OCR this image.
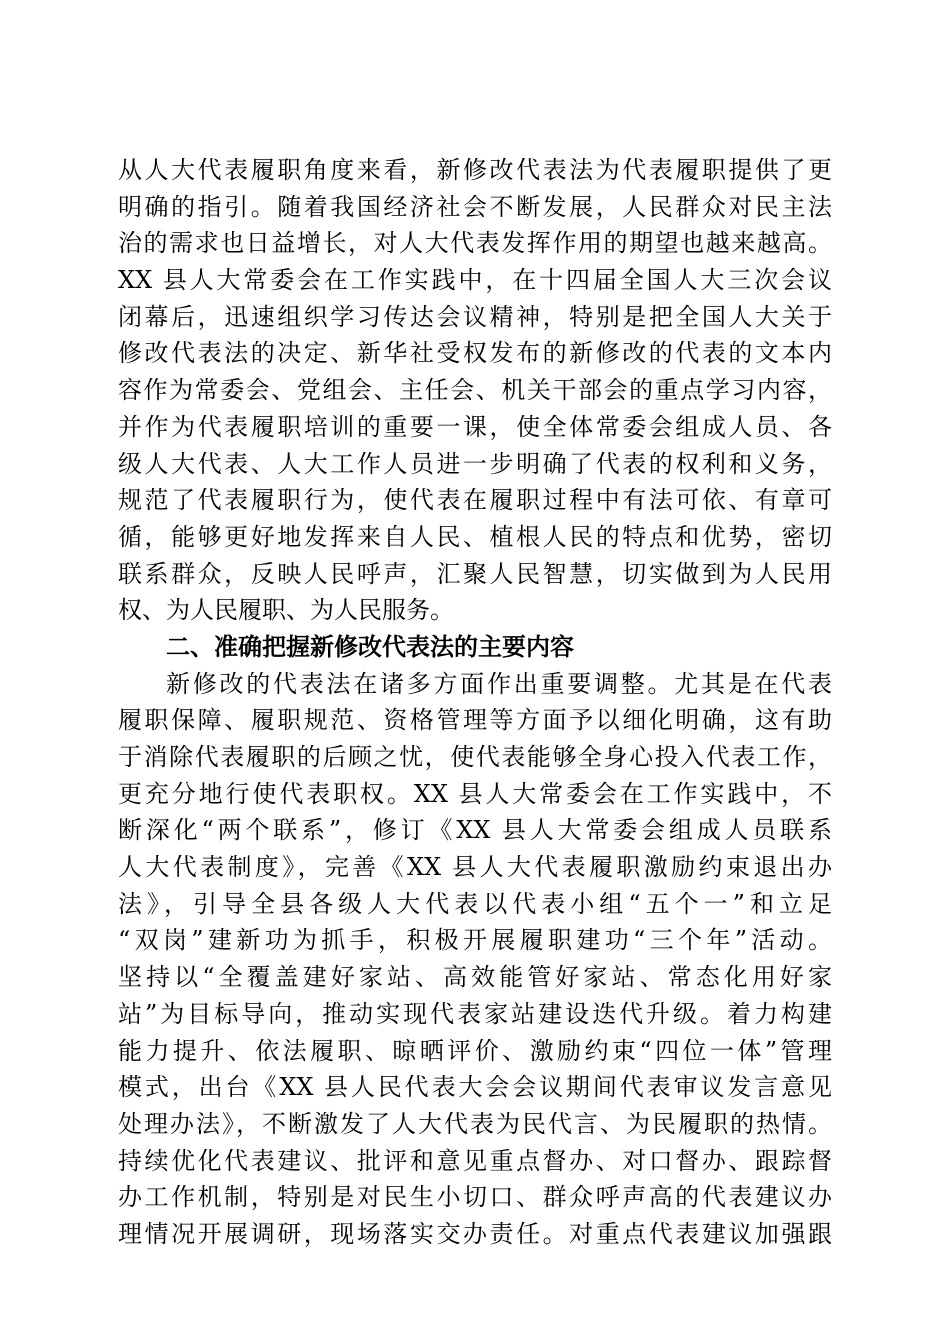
从人大代表履职角度来看，新修改代表法为代表履职提供了更
明确的指引。随着我国经济社会不断发展，人民群众对民主法
治的需求也日益增长，对人大代表发挥作用的期望也越来越高。
XX 县人大常委会在工作实践中，在十四届全国人大三次会议
闭幕后，迅速组织学习传达会议精神，特别是把全国人大关于
修改代表法的决定、新华社受权发布的新修改的代表的文本内
容作为常委会、党组会、主任会、机关干部会的重点学习内容，
并作为代表履职培训的重要一课，使全体常委会组成人员、各
级人大代表、人大工作人员进一步明确了代表的权利和义务，
规范了代表履职行为，使代表在履职过程中有法可依、有章可
循，能够更好地发挥来自人民、植根人民的特点和优势，密切
联系群众，反映人民呼声，汇聚人民智慧，切实做到为人民用
权、为人民履职、为人民服务。
二、准确把握新修改代表法的主要内容
新修改的代表法在诸多方面作出重要调整。尤其是在代表
履职保障、履职规范、资格管理等方面予以细化明确，这有助
于消除代表履职的后顾之忧，使代表能够全身心投入代表工作，
更充分地行使代表职权。XX 县人大常委会在工作实践中，不
断深化“两个联系”，修订《XX 县人大常委会组成人员联系
人大代表制度》，完善《XX 县人大代表履职激励约束退出办
法》，引导全县各级人大代表以代表小组“五个一”和立足
“双岗”建新功为抓手，积极开展履职建功“三个年”活动。
坚持以“全覆盖建好家站、高效能管好家站、常态化用好家
站”为目标导向，推动实现代表家站建设迭代升级。着力构建
能力提升、依法履职、晾晒评价、激励约束“四位一体”管理
模式，出台《XX 县人民代表大会会议期间代表审议发言意见
处理办法》，不断激发了人大代表为民代言、为民履职的热情。
持续优化代表建议、批评和意见重点督办、对口督办、跟踪督
办工作机制，特别是对民生小切口、群众呼声高的代表建议办
理情况开展调研，现场落实交办责任。对重点代表建议加强跟
